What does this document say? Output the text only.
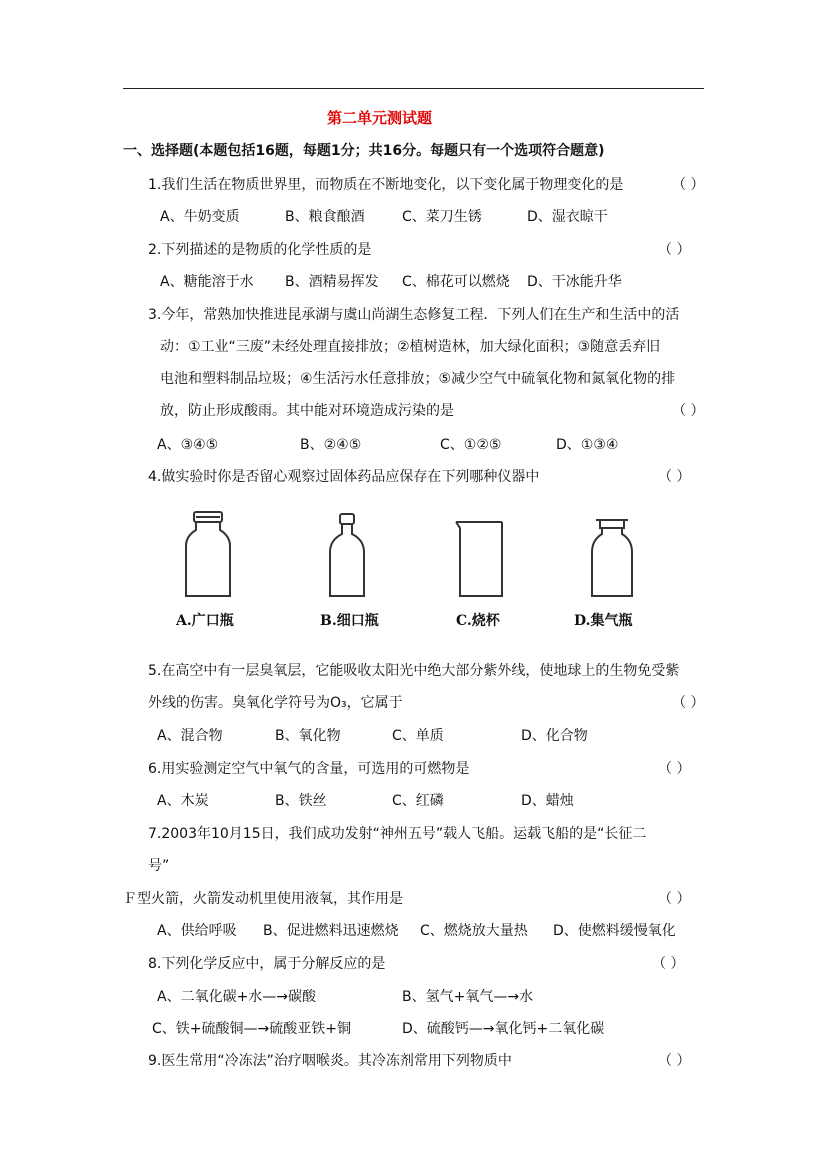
第二单元测试题
一、选择题(本题包括16题，每题1分；共16分。每题只有一个选项符合题意)
1.我们生活在物质世界里，而物质在不断地变化，以下变化属于物理变化的是	（ ）
A、牛奶变质	B、粮食酿酒	C、菜刀生锈	D、湿衣晾干
2.下列描述的是物质的化学性质的是	（ ）
A、糖能溶于水 B、酒精易挥发 C、棉花可以燃烧 D、干冰能升华
3.今年，常熟加快推进昆承湖与虞山尚湖生态修复工程．下列人们在生产和生活中的活
动：①工业“三废”未经处理直接排放；②植树造林，加大绿化面积；③随意丢弃旧
电池和塑料制品垃圾；④生活污水任意排放；⑤减少空气中硫氧化物和氮氧化物的排
放，防止形成酸雨。其中能对环境造成污染的是	（ ）
A、③④⑤	B、②④⑤	C、①②⑤	D、①③④
4.做实验时你是否留心观察过固体药品应保存在下列哪种仪器中	（ ）
A.广口瓶	B.细口瓶	C.烧杯	D.集气瓶
5.在高空中有一层臭氧层，它能吸收太阳光中绝大部分紫外线，使地球上的生物免受紫
外线的伤害。臭氧化学符号为O₃，它属于	（ ）
A、混合物	B、氧化物	C、单质	D、化合物
6.用实验测定空气中氧气的含量，可选用的可燃物是	（ ）
A、木炭	B、铁丝	C、红磷	D、蜡烛
7.2003年10月15日，我们成功发射“神州五号”载人飞船。运载飞船的是“长征二
号”
Ｆ型火箭，火箭发动机里使用液氧，其作用是	（ ）
A、供给呼吸 B、促进燃料迅速燃烧 C、燃烧放大量热 D、使燃料缓慢氧化
8.下列化学反应中，属于分解反应的是	（ ）
A、二氧化碳+水—→碳酸	B、氢气+氧气—→水
C、铁+硫酸铜—→硫酸亚铁+铜	D、硫酸钙—→氧化钙+二氧化碳
9.医生常用“冷冻法”治疗咽喉炎。其冷冻剂常用下列物质中	（ ）
